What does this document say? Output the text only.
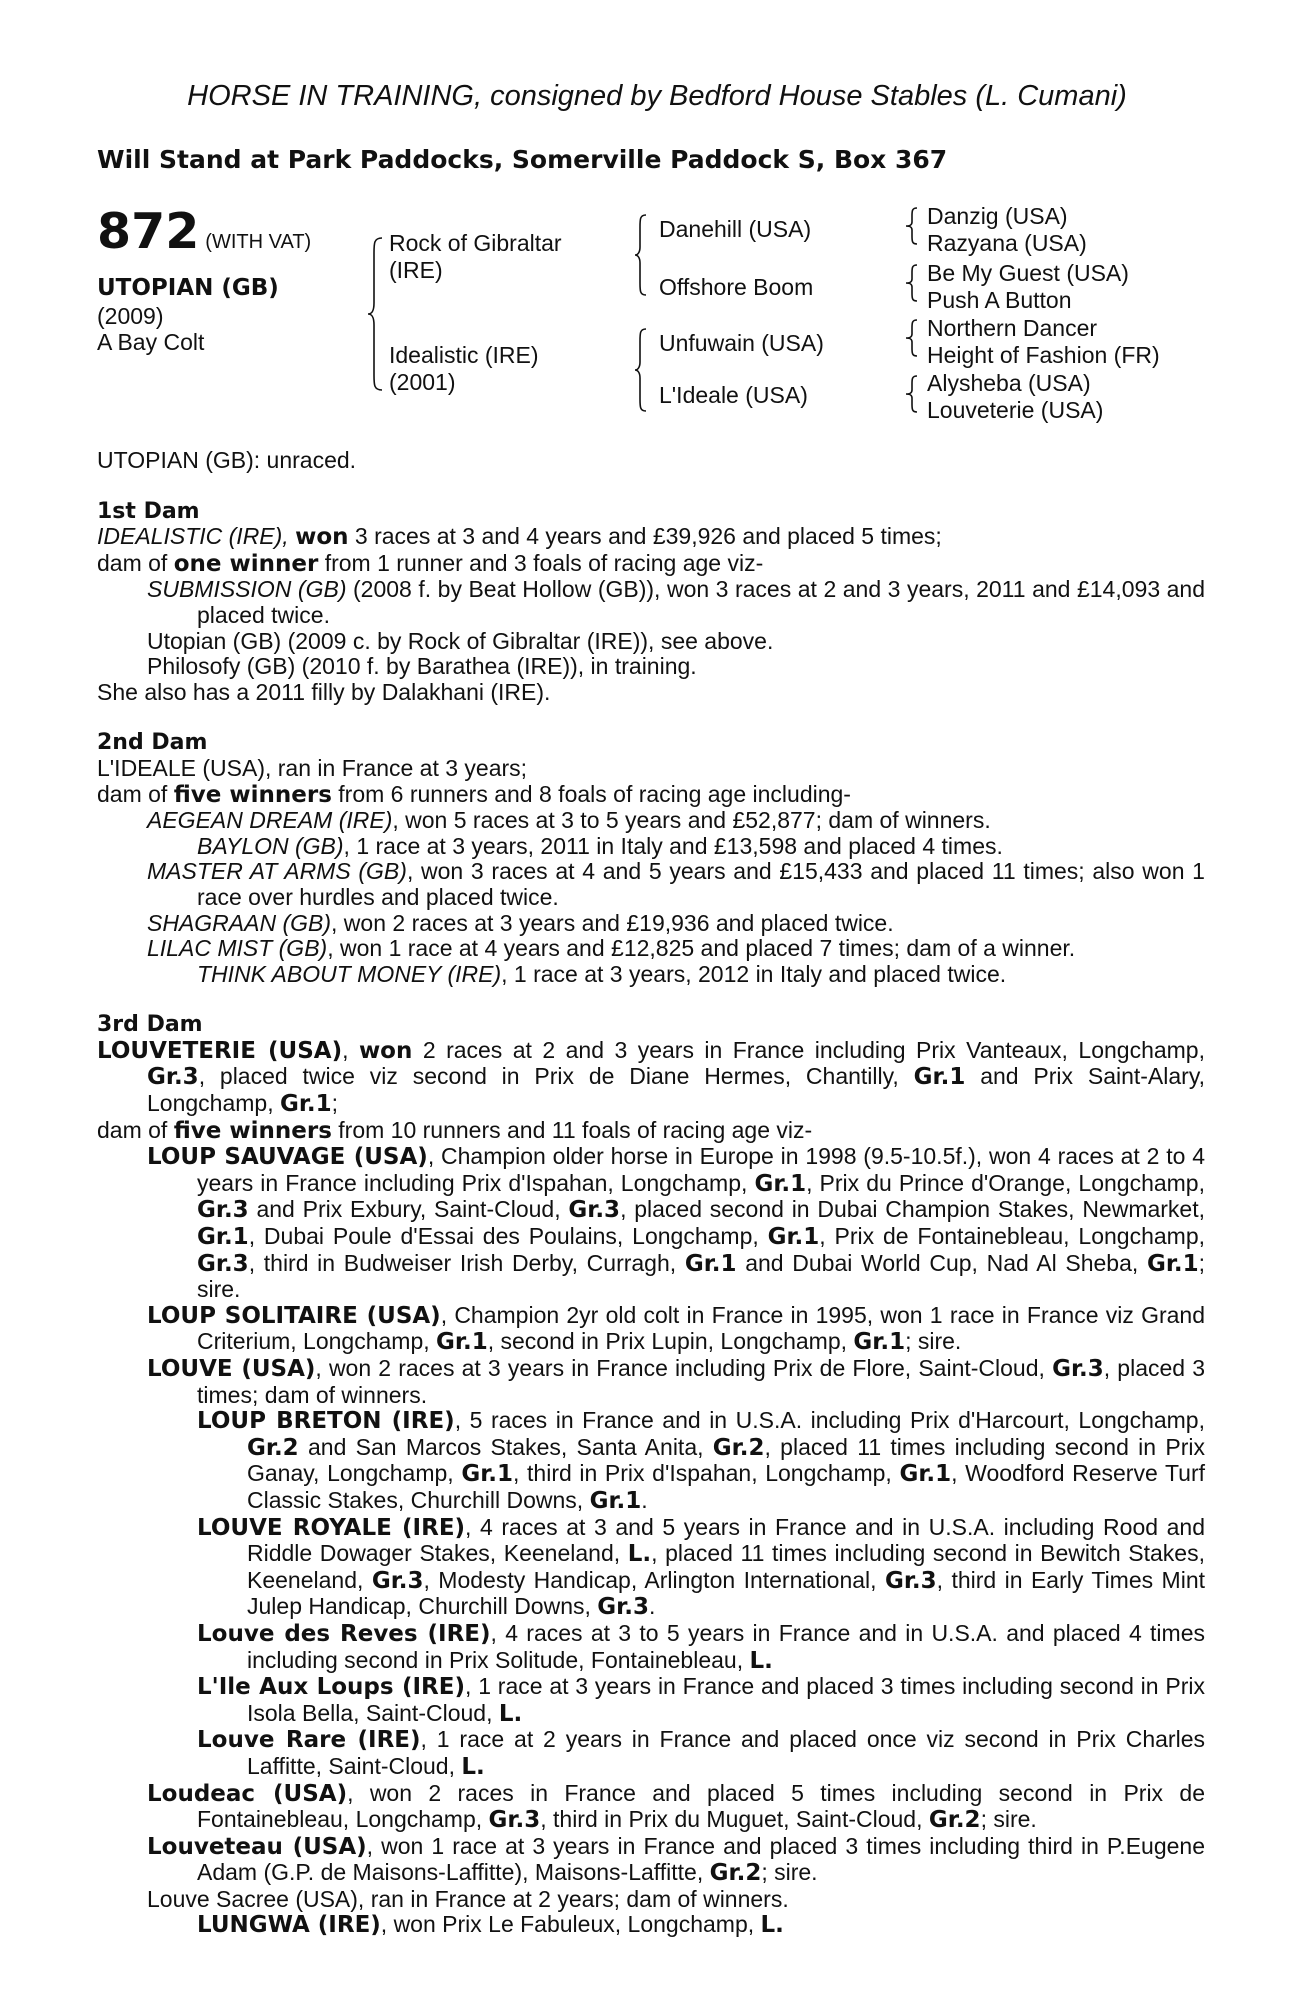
HORSE IN TRAINING, consigned by Bedford House Stables (L. Cumani)
Will Stand at Park Paddocks, Somerville Paddock S, Box 367
872 (WITH VAT)
UTOPIAN (GB)
(2009)
A Bay Colt
Rock of Gibraltar
(IRE)
Idealistic (IRE)
(2001)
Danehill (USA)
Offshore Boom
Unfuwain (USA)
L'Ideale (USA)
Danzig (USA)
Razyana (USA)
Be My Guest (USA)
Push A Button
Northern Dancer
Height of Fashion (FR)
Alysheba (USA)
Louveterie (USA)

UTOPIAN (GB): unraced.

1st Dam

IDEALISTIC (IRE), won 3 races at 3 and 4 years and £39,926 and placed 5 times;

dam of one winner from 1 runner and 3 foals of racing age viz-

SUBMISSION (GB) (2008 f. by Beat Hollow (GB)), won 3 races at 2 and 3 years, 2011 and £14,093 and placed twice.

Utopian (GB) (2009 c. by Rock of Gibraltar (IRE)), see above.

Philosofy (GB) (2010 f. by Barathea (IRE)), in training.

She also has a 2011 filly by Dalakhani (IRE).

2nd Dam

L'IDEALE (USA), ran in France at 3 years;

dam of five winners from 6 runners and 8 foals of racing age including-

AEGEAN DREAM (IRE), won 5 races at 3 to 5 years and £52,877; dam of winners.

BAYLON (GB), 1 race at 3 years, 2011 in Italy and £13,598 and placed 4 times.

MASTER AT ARMS (GB), won 3 races at 4 and 5 years and £15,433 and placed 11 times; also won 1 race over hurdles and placed twice.

SHAGRAAN (GB), won 2 races at 3 years and £19,936 and placed twice.

LILAC MIST (GB), won 1 race at 4 years and £12,825 and placed 7 times; dam of a winner.

THINK ABOUT MONEY (IRE), 1 race at 3 years, 2012 in Italy and placed twice.

3rd Dam

LOUVETERIE (USA), won 2 races at 2 and 3 years in France including Prix Vanteaux, Longchamp, Gr.3, placed twice viz second in Prix de Diane Hermes, Chantilly, Gr.1 and Prix Saint-Alary, Longchamp, Gr.1;

dam of five winners from 10 runners and 11 foals of racing age viz-

LOUP SAUVAGE (USA), Champion older horse in Europe in 1998 (9.5-10.5f.), won 4 races at 2 to 4 years in France including Prix d'Ispahan, Longchamp, Gr.1, Prix du Prince d'Orange, Longchamp, Gr.3 and Prix Exbury, Saint-Cloud, Gr.3, placed second in Dubai Champion Stakes, Newmarket, Gr.1, Dubai Poule d'Essai des Poulains, Longchamp, Gr.1, Prix de Fontainebleau, Longchamp, Gr.3, third in Budweiser Irish Derby, Curragh, Gr.1 and Dubai World Cup, Nad Al Sheba, Gr.1; sire.

LOUP SOLITAIRE (USA), Champion 2yr old colt in France in 1995, won 1 race in France viz Grand Criterium, Longchamp, Gr.1, second in Prix Lupin, Longchamp, Gr.1; sire.

LOUVE (USA), won 2 races at 3 years in France including Prix de Flore, Saint-Cloud, Gr.3, placed 3 times; dam of winners.

LOUP BRETON (IRE), 5 races in France and in U.S.A. including Prix d'Harcourt, Longchamp, Gr.2 and San Marcos Stakes, Santa Anita, Gr.2, placed 11 times including second in Prix Ganay, Longchamp, Gr.1, third in Prix d'Ispahan, Longchamp, Gr.1, Woodford Reserve Turf Classic Stakes, Churchill Downs, Gr.1.

LOUVE ROYALE (IRE), 4 races at 3 and 5 years in France and in U.S.A. including Rood and Riddle Dowager Stakes, Keeneland, L., placed 11 times including second in Bewitch Stakes, Keeneland, Gr.3, Modesty Handicap, Arlington International, Gr.3, third in Early Times Mint Julep Handicap, Churchill Downs, Gr.3.

Louve des Reves (IRE), 4 races at 3 to 5 years in France and in U.S.A. and placed 4 times including second in Prix Solitude, Fontainebleau, L.

L'Ile Aux Loups (IRE), 1 race at 3 years in France and placed 3 times including second in Prix Isola Bella, Saint-Cloud, L.

Louve Rare (IRE), 1 race at 2 years in France and placed once viz second in Prix Charles Laffitte, Saint-Cloud, L.

Loudeac (USA), won 2 races in France and placed 5 times including second in Prix de Fontainebleau, Longchamp, Gr.3, third in Prix du Muguet, Saint-Cloud, Gr.2; sire.

Louveteau (USA), won 1 race at 3 years in France and placed 3 times including third in P.Eugene Adam (G.P. de Maisons-Laffitte), Maisons-Laffitte, Gr.2; sire.

Louve Sacree (USA), ran in France at 2 years; dam of winners.

LUNGWA (IRE), won Prix Le Fabuleux, Longchamp, L.
